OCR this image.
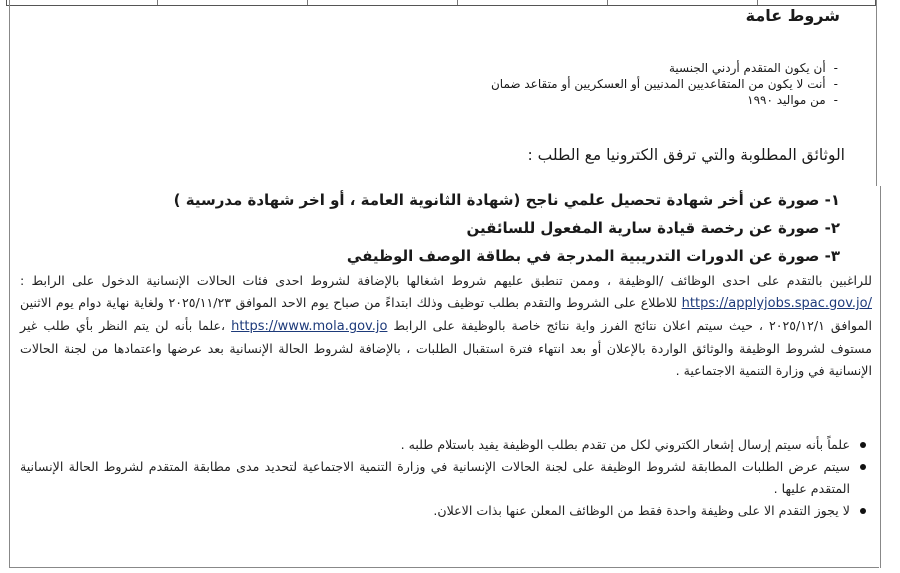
شروط عامة
-أن يكون المتقدم أردني الجنسية
-أنت لا يكون من المتقاعديين المدنيين أو العسكريين أو متقاعد ضمان
-من مواليد ١٩٩٠
الوثائق المطلوبة والتي ترفق الكترونيا مع الطلب :
١- صورة عن أخر شهادة تحصيل علمي ناجح (شهادة الثانوية العامة ، أو اخر شهادة مدرسية )
٢- صورة عن رخصة قيادة سارية المفعول للسائقين
٣- صورة عن الدورات التدريبية المدرجة في بطاقة الوصف الوظيفي
للراغبين بالتقدم على احدى الوظائف /الوظيفة ، وممن تنطبق عليهم شروط اشغالها بالإضافة لشروط احدى فئات الحالات الإنسانية الدخول على الرابط : https://applyjobs.spac.gov.jo/ للاطلاع على الشروط والتقدم بطلب توظيف وذلك ابتداءً من صباح يوم الاحد الموافق ٢٠٢٥/١١/٢٣ ولغاية نهاية دوام يوم الاثنين الموافق ٢٠٢٥/١٢/١ ، حيث سيتم اعلان نتائج الفرز واية نتائج خاصة بالوظيفة على الرابط https://www.mola.gov.jo ،علما بأنه لن يتم النظر بأي طلب غير مستوف لشروط الوظيفة والوثائق الواردة بالإعلان أو بعد انتهاء فترة استقبال الطلبات ، بالإضافة لشروط الحالة الإنسانية بعد عرضها واعتمادها من لجنة الحالات الإنسانية في وزارة التنمية الاجتماعية .
علماً بأنه سيتم إرسال إشعار الكتروني لكل من تقدم بطلب الوظيفة يفيد باستلام طلبه .
سيتم عرض الطلبات المطابقة لشروط الوظيفة على لجنة الحالات الإنسانية في وزارة التنمية الاجتماعية لتحديد مدى مطابقة المتقدم لشروط الحالة الإنسانية المتقدم عليها .
لا يجوز التقدم الا على وظيفة واحدة فقط من الوظائف المعلن عنها بذات الاعلان.
